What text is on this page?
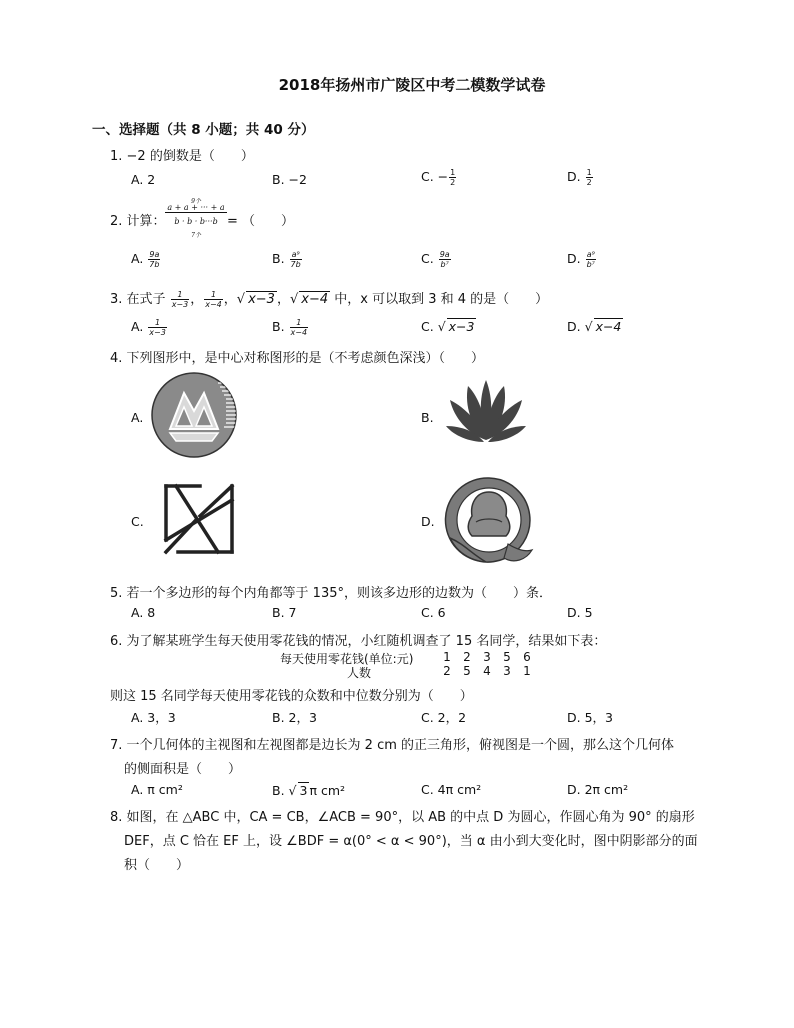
2018年扬州市广陵区中考二模数学试卷
一、选择题（共 8 小题；共 40 分）
1. −2 的倒数是（　　）
A. 2	B. −2	C. − $\frac{1}{2}$	D. $\frac{1}{2}$
2. 计算：
9个
a + a + ··· + a
b · b · b···b
7个
= （　　）
A. $\frac{9a}{7b}$	B. $\frac{\text{a⁹}}{7b}$	C. $\frac{9a}{\text{b⁷}}$	D. $\frac{\text{a⁹}}{\text{b⁷}}$
3. 在式子 $\frac{1}{x-3}$ ， $\frac{1}{x-4}$ ，√ x−3 ，√ x−4 中，x 可以取到 3 和 4 的是（　　）
A. $\frac{1}{x-3}$	B. $\frac{1}{x-4}$	C. √ x−3	D. √ x−4
4. 下列图形中，是中心对称图形的是（不考虑颜色深浅）（　　）
A.	B.
C.	D.
5. 若一个多边形的每个内角都等于 135°，则该多边形的边数为（　　）条．
A. 8	B. 7	C. 6	D. 5
6. 为了解某班学生每天使用零花钱的情况，小红随机调查了 15 名同学，结果如下表：
每天使用零花钱(单位:元)	1 2 3 5 6
人数	2 5 4 3 1
则这 15 名同学每天使用零花钱的众数和中位数分别为（　　）
A. 3，3	B. 2，3	C. 2，2	D. 5，3
7. 一个几何体的主视图和左视图都是边长为 2 cm 的正三角形，俯视图是一个圆，那么这个几何体
的侧面积是（　　）
A. π cm²	B. √ 3 π cm²	C. 4π cm²	D. 2π cm²
8. 如图，在 △ABC 中，CA = CB，∠ACB = 90°，以 AB 的中点 D 为圆心，作圆心角为 90° 的扇形
DEF，点 C 恰在 EF 上，设 ∠BDF = α(0° < α < 90°)，当 α 由小到大变化时，图中阴影部分的面
积（　　）
